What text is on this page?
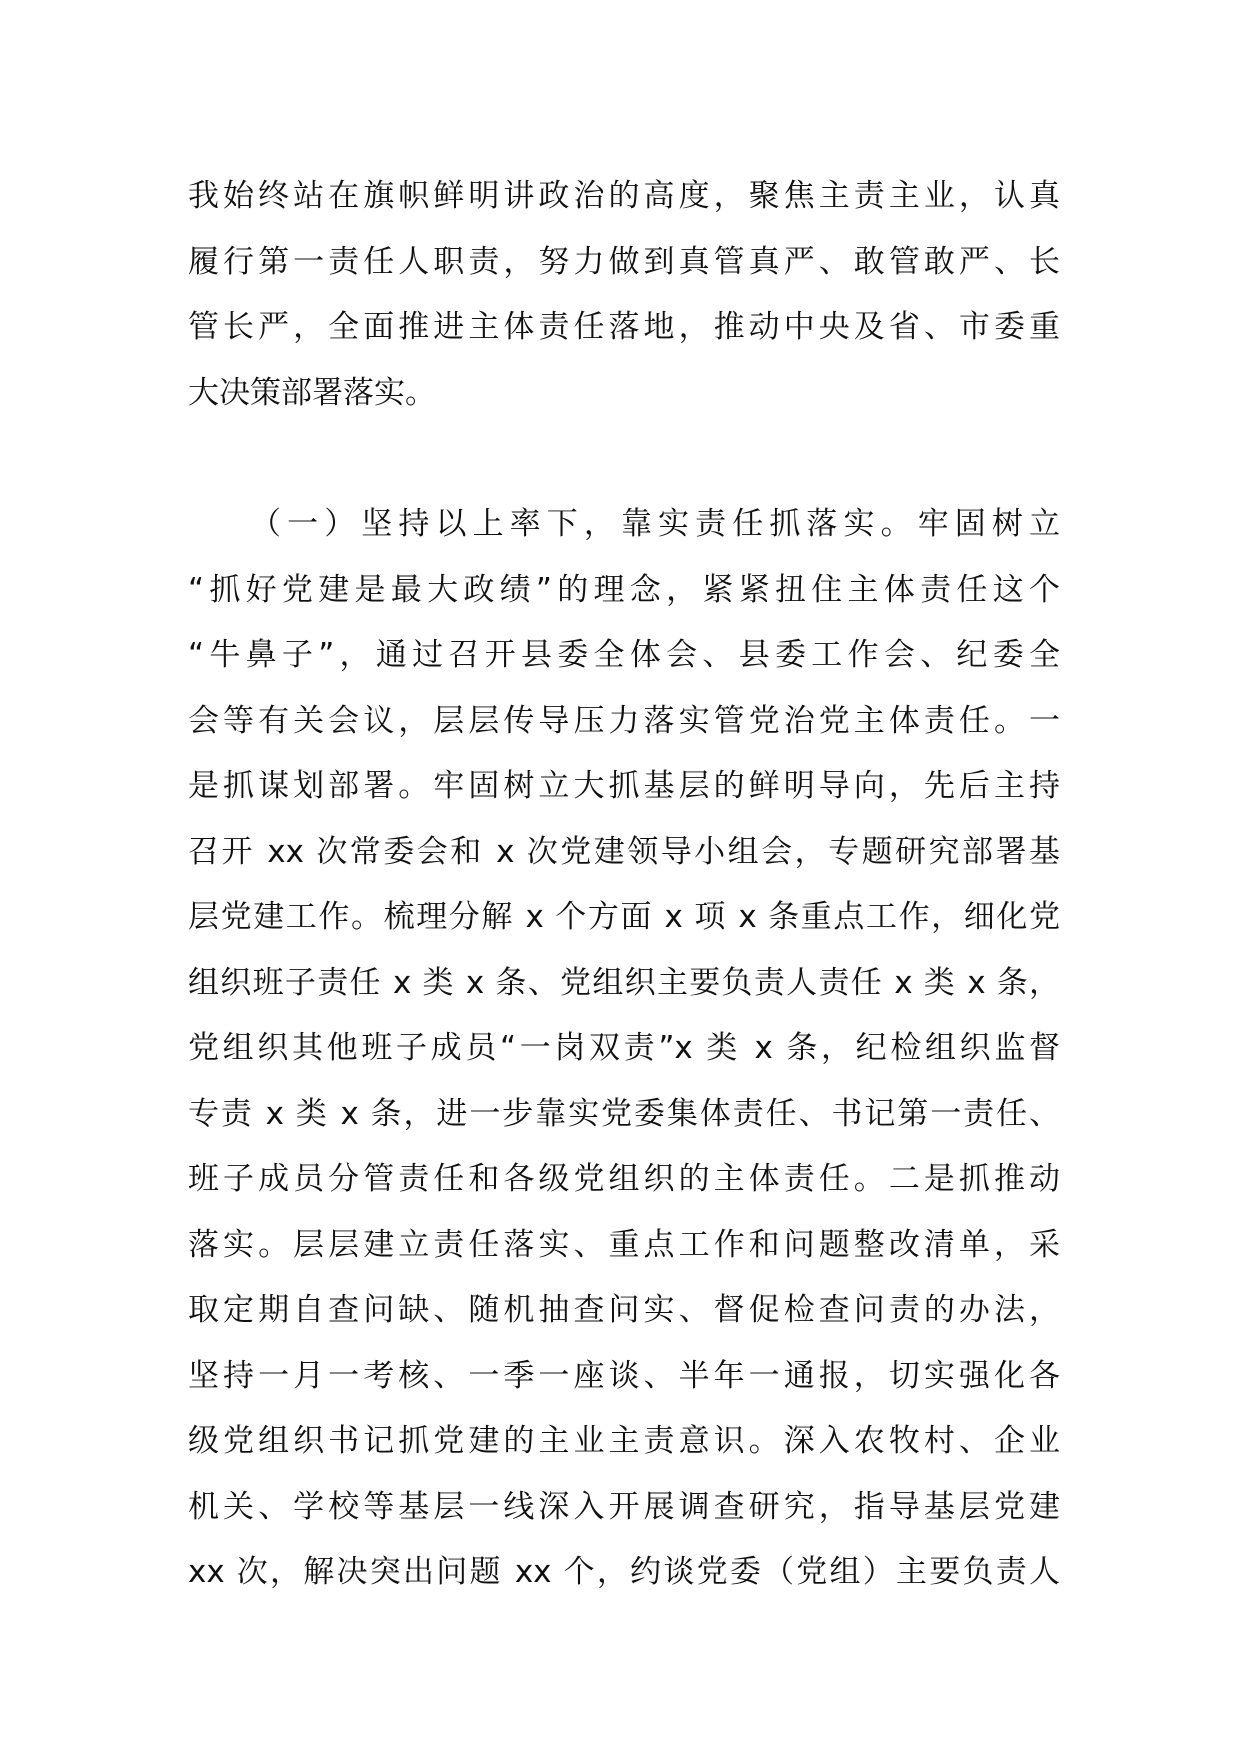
我始终站在旗帜鲜明讲政治的高度，聚焦主责主业，认真
履行第一责任人职责，努力做到真管真严、敢管敢严、长
管长严，全面推进主体责任落地，推动中央及省、市委重
大决策部署落实。
（一）坚持以上率下，靠实责任抓落实。牢固树立
“抓好党建是最大政绩”的理念，紧紧扭住主体责任这个
“牛鼻子”，通过召开县委全体会、县委工作会、纪委全
会等有关会议，层层传导压力落实管党治党主体责任。一
是抓谋划部署。牢固树立大抓基层的鲜明导向，先后主持
召开 xx 次常委会和 x 次党建领导小组会，专题研究部署基
层党建工作。梳理分解 x 个方面 x 项 x 条重点工作，细化党
组织班子责任 x 类 x 条、党组织主要负责人责任 x 类 x 条，
党组织其他班子成员“一岗双责”x 类 x 条，纪检组织监督
专责 x 类 x 条，进一步靠实党委集体责任、书记第一责任、
班子成员分管责任和各级党组织的主体责任。二是抓推动
落实。层层建立责任落实、重点工作和问题整改清单，采
取定期自查问缺、随机抽查问实、督促检查问责的办法，
坚持一月一考核、一季一座谈、半年一通报，切实强化各
级党组织书记抓党建的主业主责意识。深入农牧村、企业
机关、学校等基层一线深入开展调查研究，指导基层党建
xx 次，解决突出问题 xx 个，约谈党委（党组）主要负责人
